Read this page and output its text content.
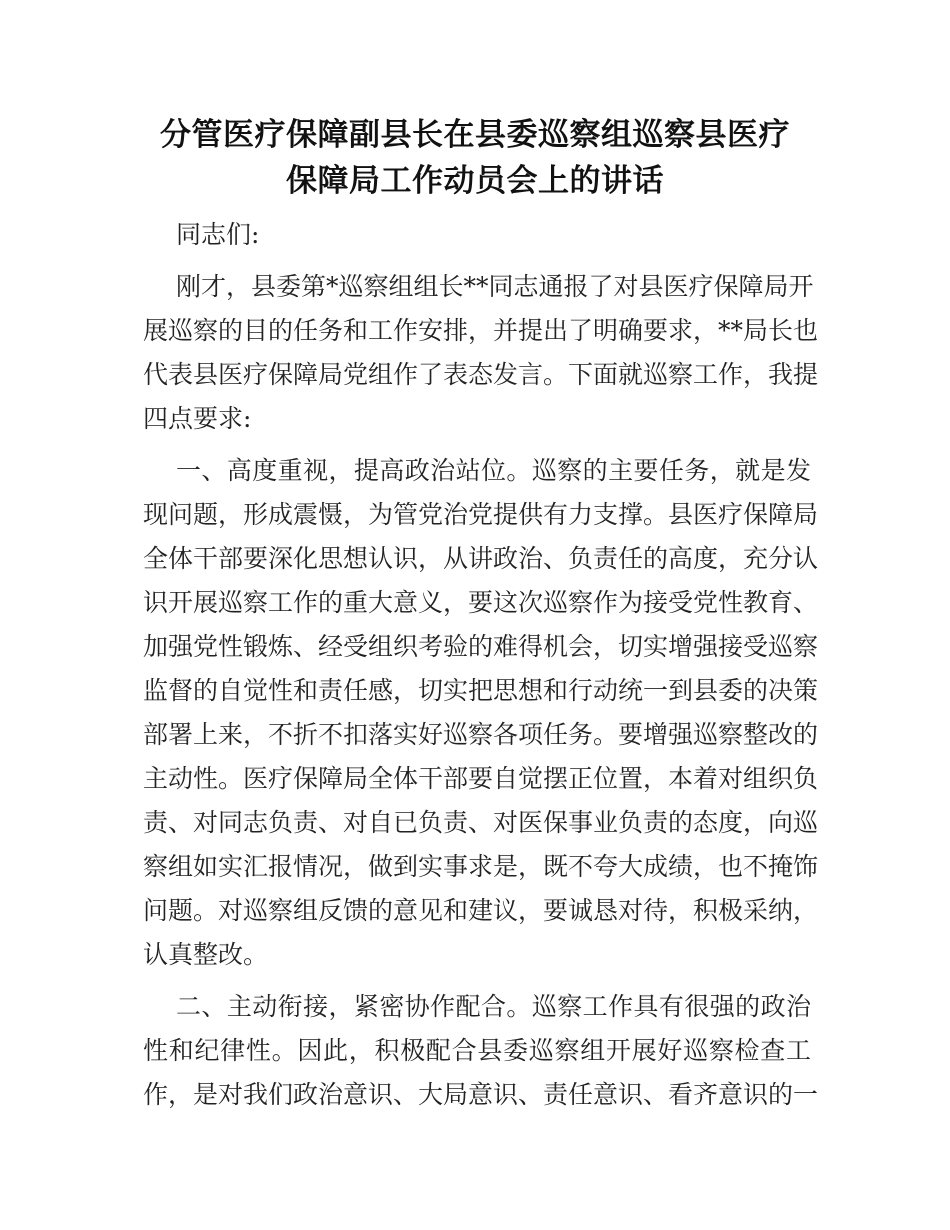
分管医疗保障副县长在县委巡察组巡察县医疗
保障局工作动员会上的讲话
同志们:
刚才，县委第*巡察组组长**同志通报了对县医疗保障局开
展巡察的目的任务和工作安排，并提出了明确要求，**局长也
代表县医疗保障局党组作了表态发言。下面就巡察工作，我提
四点要求:
一、高度重视，提高政治站位。巡察的主要任务，就是发
现问题，形成震慑，为管党治党提供有力支撑。县医疗保障局
全体干部要深化思想认识，从讲政治、负责任的高度，充分认
识开展巡察工作的重大意义，要这次巡察作为接受党性教育、
加强党性锻炼、经受组织考验的难得机会，切实增强接受巡察
监督的自觉性和责任感，切实把思想和行动统一到县委的决策
部署上来，不折不扣落实好巡察各项任务。要增强巡察整改的
主动性。医疗保障局全体干部要自觉摆正位置，本着对组织负
责、对同志负责、对自已负责、对医保事业负责的态度，向巡
察组如实汇报情况，做到实事求是，既不夸大成绩，也不掩饰
问题。对巡察组反馈的意见和建议，要诚恳对待，积极采纳，
认真整改。
二、主动衔接，紧密协作配合。巡察工作具有很强的政治
性和纪律性。因此，积极配合县委巡察组开展好巡察检查工
作，是对我们政治意识、大局意识、责任意识、看齐意识的一
